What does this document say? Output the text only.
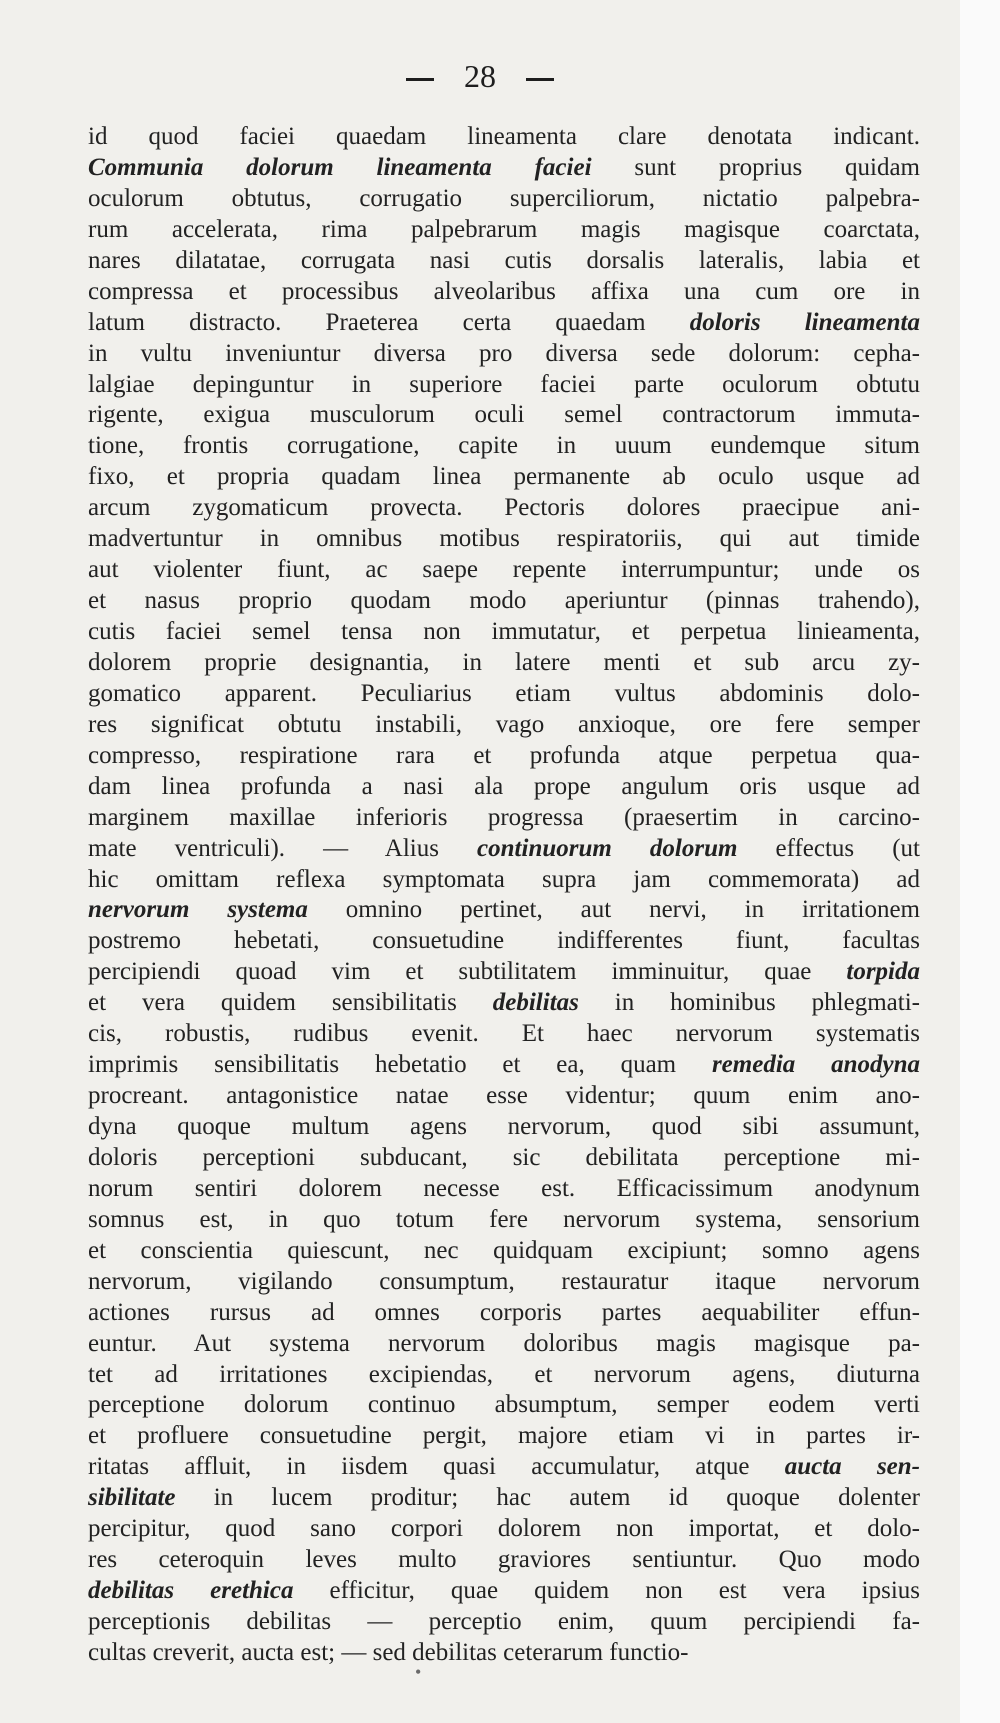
28
id quod faciei quaedam lineamenta clare denotata indicant.
Communia dolorum lineamenta faciei sunt proprius quidam
oculorum obtutus, corrugatio superciliorum, nictatio palpebra-
rum accelerata, rima palpebrarum magis magisque coarctata,
nares dilatatae, corrugata nasi cutis dorsalis lateralis, labia et
compressa et processibus alveolaribus affixa una cum ore in
latum distracto. Praeterea certa quaedam doloris lineamenta
in vultu inveniuntur diversa pro diversa sede dolorum: cepha-
lalgiae depinguntur in superiore faciei parte oculorum obtutu
rigente, exigua musculorum oculi semel contractorum immuta-
tione, frontis corrugatione, capite in uuum eundemque situm
fixo, et propria quadam linea permanente ab oculo usque ad
arcum zygomaticum provecta. Pectoris dolores praecipue ani-
madvertuntur in omnibus motibus respiratoriis, qui aut timide
aut violenter fiunt, ac saepe repente interrumpuntur; unde os
et nasus proprio quodam modo aperiuntur (pinnas trahendo),
cutis faciei semel tensa non immutatur, et perpetua linieamenta,
dolorem proprie designantia, in latere menti et sub arcu zy-
gomatico apparent. Peculiarius etiam vultus abdominis dolo-
res significat obtutu instabili, vago anxioque, ore fere semper
compresso, respiratione rara et profunda atque perpetua qua-
dam linea profunda a nasi ala prope angulum oris usque ad
marginem maxillae inferioris progressa (praesertim in carcino-
mate ventriculi). — Alius continuorum dolorum effectus (ut
hic omittam reflexa symptomata supra jam commemorata) ad
nervorum systema omnino pertinet, aut nervi, in irritationem
postremo hebetati, consuetudine indifferentes fiunt, facultas
percipiendi quoad vim et subtilitatem imminuitur, quae torpida
et vera quidem sensibilitatis debilitas in hominibus phlegmati-
cis, robustis, rudibus evenit. Et haec nervorum systematis
imprimis sensibilitatis hebetatio et ea, quam remedia anodyna
procreant. antagonistice natae esse videntur; quum enim ano-
dyna quoque multum agens nervorum, quod sibi assumunt,
doloris perceptioni subducant, sic debilitata perceptione mi-
norum sentiri dolorem necesse est. Efficacissimum anodynum
somnus est, in quo totum fere nervorum systema, sensorium
et conscientia quiescunt, nec quidquam excipiunt; somno agens
nervorum, vigilando consumptum, restauratur itaque nervorum
actiones rursus ad omnes corporis partes aequabiliter effun-
euntur. Aut systema nervorum doloribus magis magisque pa-
tet ad irritationes excipiendas, et nervorum agens, diuturna
perceptione dolorum continuo absumptum, semper eodem verti
et profluere consuetudine pergit, majore etiam vi in partes ir-
ritatas affluit, in iisdem quasi accumulatur, atque aucta sen-
sibilitate in lucem proditur; hac autem id quoque dolenter
percipitur, quod sano corpori dolorem non importat, et dolo-
res ceteroquin leves multo graviores sentiuntur. Quo modo
debilitas erethica efficitur, quae quidem non est vera ipsius
perceptionis debilitas — perceptio enim, quum percipiendi fa-
cultas creverit, aucta est; — sed debilitas ceterarum functio-
•
